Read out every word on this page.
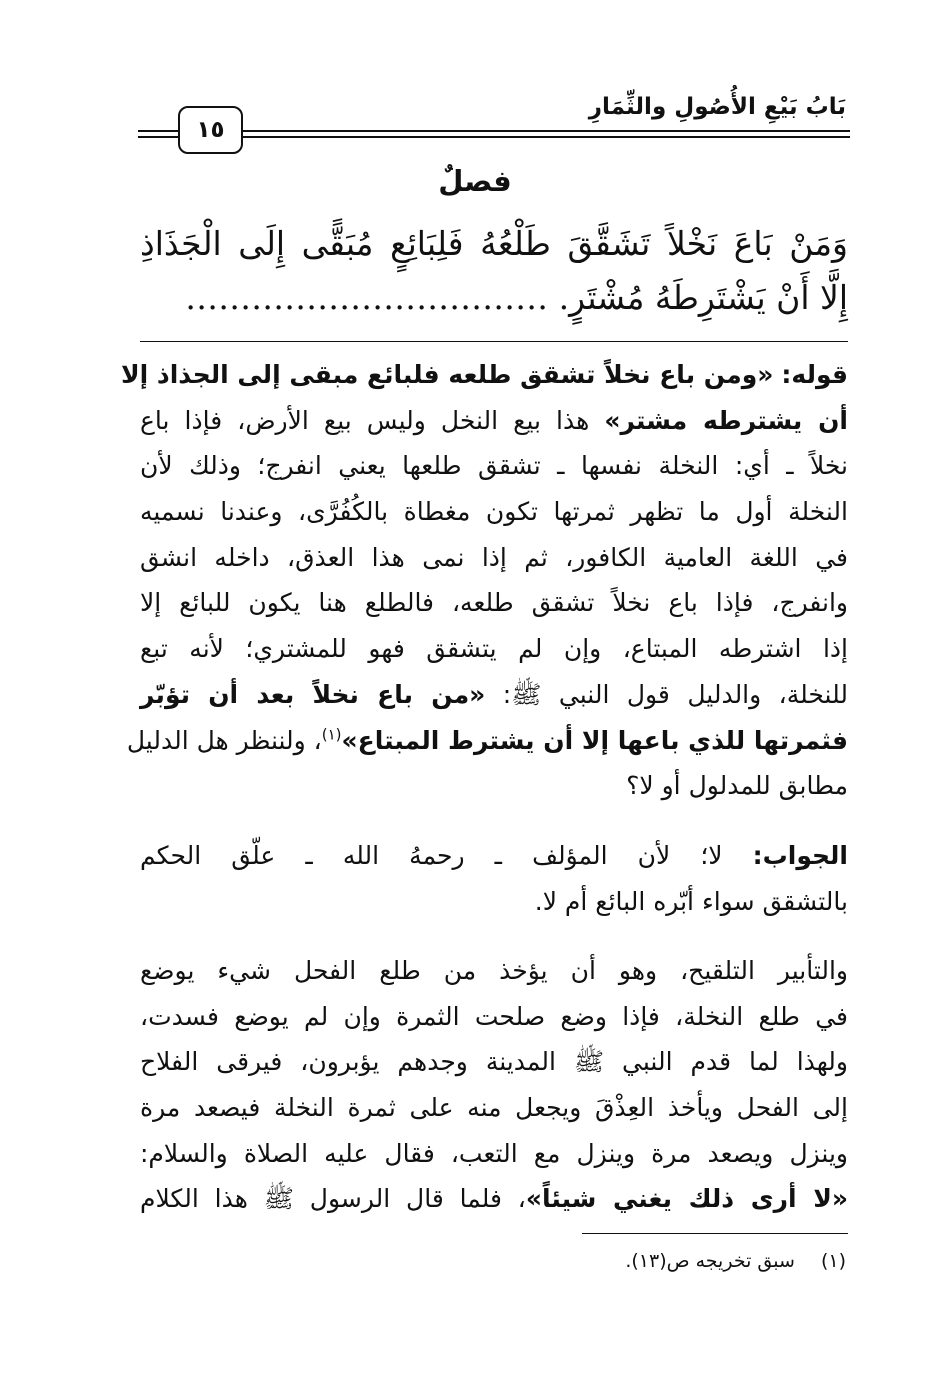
١٥
بَابُ بَيْعِ الأُصُولِ والثِّمَارِ
فصلٌ
وَمَنْ بَاعَ نَخْلاً تَشَقَّقَ طَلْعُهُ فَلِبَائِعٍ مُبَقًّى إِلَى الْجَذَاذِ
إِلَّا أَنْ يَشْتَرِطَهُ مُشْتَرٍ. ……………………………
قوله: «ومن باع نخلاً تشقق طلعه فلبائع مبقى إلى الجذاذ إلا
أن يشترطه مشتر» هذا بيع النخل وليس بيع الأرض، فإذا باع
نخلاً ـ أي: النخلة نفسها ـ تشقق طلعها يعني انفرج؛ وذلك لأن
النخلة أول ما تظهر ثمرتها تكون مغطاة بالكُفُرَّى، وعندنا نسميه
في اللغة العامية الكافور، ثم إذا نمى هذا العذق، داخله انشق
وانفرج، فإذا باع نخلاً تشقق طلعه، فالطلع هنا يكون للبائع إلا
إذا اشترطه المبتاع، وإن لم يتشقق فهو للمشتري؛ لأنه تبع
للنخلة، والدليل قول النبي ﷺ: «من باع نخلاً بعد أن تؤبّر
فثمرتها للذي باعها إلا أن يشترط المبتاع»$^{(١)}$، ولننظر هل الدليل
مطابق للمدلول أو لا؟
الجواب: لا؛ لأن المؤلف ـ رحمهُ الله ـ علّق الحكم
بالتشقق سواء أبّره البائع أم لا.
والتأبير التلقيح، وهو أن يؤخذ من طلع الفحل شيء يوضع
في طلع النخلة، فإذا وضع صلحت الثمرة وإن لم يوضع فسدت،
ولهذا لما قدم النبي ﷺ المدينة وجدهم يؤبرون، فيرقى الفلاح
إلى الفحل ويأخذ العِذْقَ ويجعل منه على ثمرة النخلة فيصعد مرة
وينزل ويصعد مرة وينزل مع التعب، فقال عليه الصلاة والسلام:
«لا أرى ذلك يغني شيئاً»، فلما قال الرسول ﷺ هذا الكلام
(١)سبق تخريجه ص(١٣).
